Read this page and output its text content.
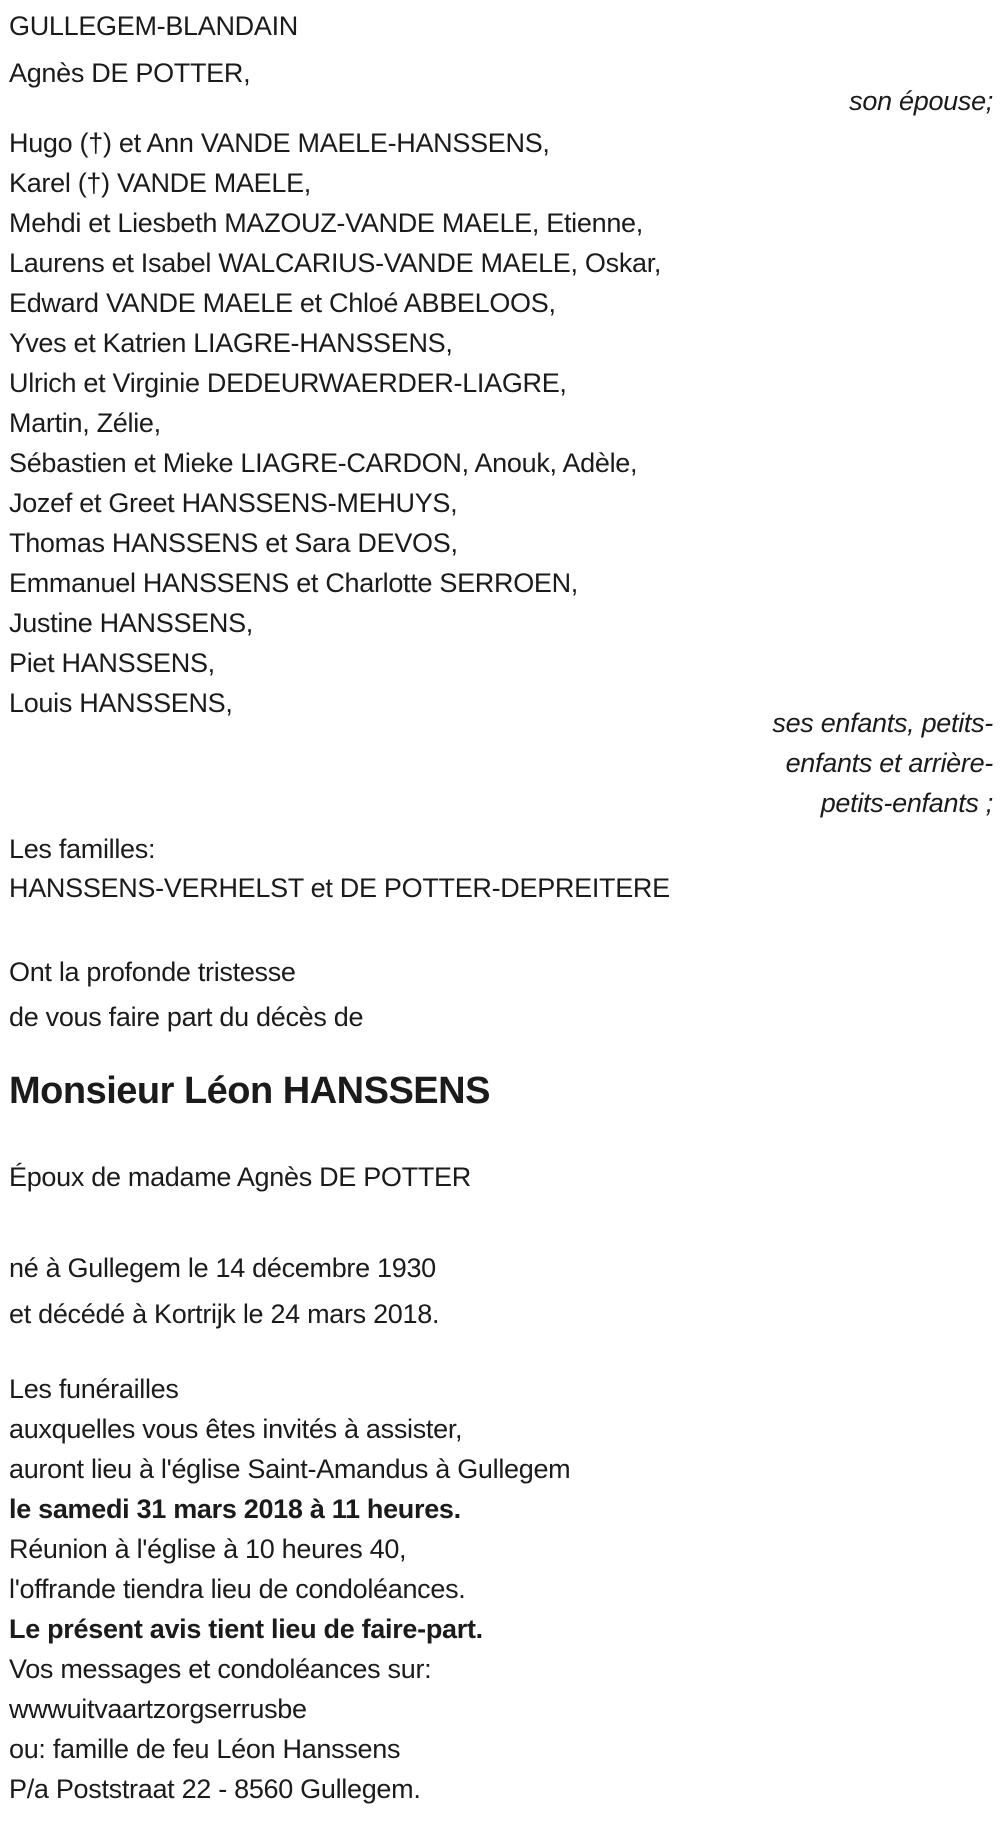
GULLEGEM-BLANDAIN
Agnès DE POTTER,
son épouse;
Hugo (†) et Ann VANDE MAELE-HANSSENS,
Karel (†) VANDE MAELE,
Mehdi et Liesbeth MAZOUZ-VANDE MAELE, Etienne,
Laurens et Isabel WALCARIUS-VANDE MAELE, Oskar,
Edward VANDE MAELE et Chloé ABBELOOS,
Yves et Katrien LIAGRE-HANSSENS,
Ulrich et Virginie DEDEURWAERDER-LIAGRE,
Martin, Zélie,
Sébastien et Mieke LIAGRE-CARDON, Anouk, Adèle,
Jozef et Greet HANSSENS-MEHUYS,
Thomas HANSSENS et Sara DEVOS,
Emmanuel HANSSENS et Charlotte SERROEN,
Justine HANSSENS,
Piet HANSSENS,
Louis HANSSENS,
ses enfants, petits-
enfants et arrière-
petits-enfants ;
Les familles:
HANSSENS-VERHELST et DE POTTER-DEPREITERE
Ont la profonde tristesse
de vous faire part du décès de
Monsieur Léon HANSSENS
Époux de madame Agnès DE POTTER
né à Gullegem le 14 décembre 1930
et décédé à Kortrijk le 24 mars 2018.
Les funérailles
auxquelles vous êtes invités à assister,
auront lieu à l'église Saint-Amandus à Gullegem
le samedi 31 mars 2018 à 11 heures.
Réunion à l'église à 10 heures 40,
l'offrande tiendra lieu de condoléances.
Le présent avis tient lieu de faire-part.
Vos messages et condoléances sur:
wwwuitvaartzorgserrusbe
ou: famille de feu Léon Hanssens
P/a Poststraat 22 - 8560 Gullegem.
